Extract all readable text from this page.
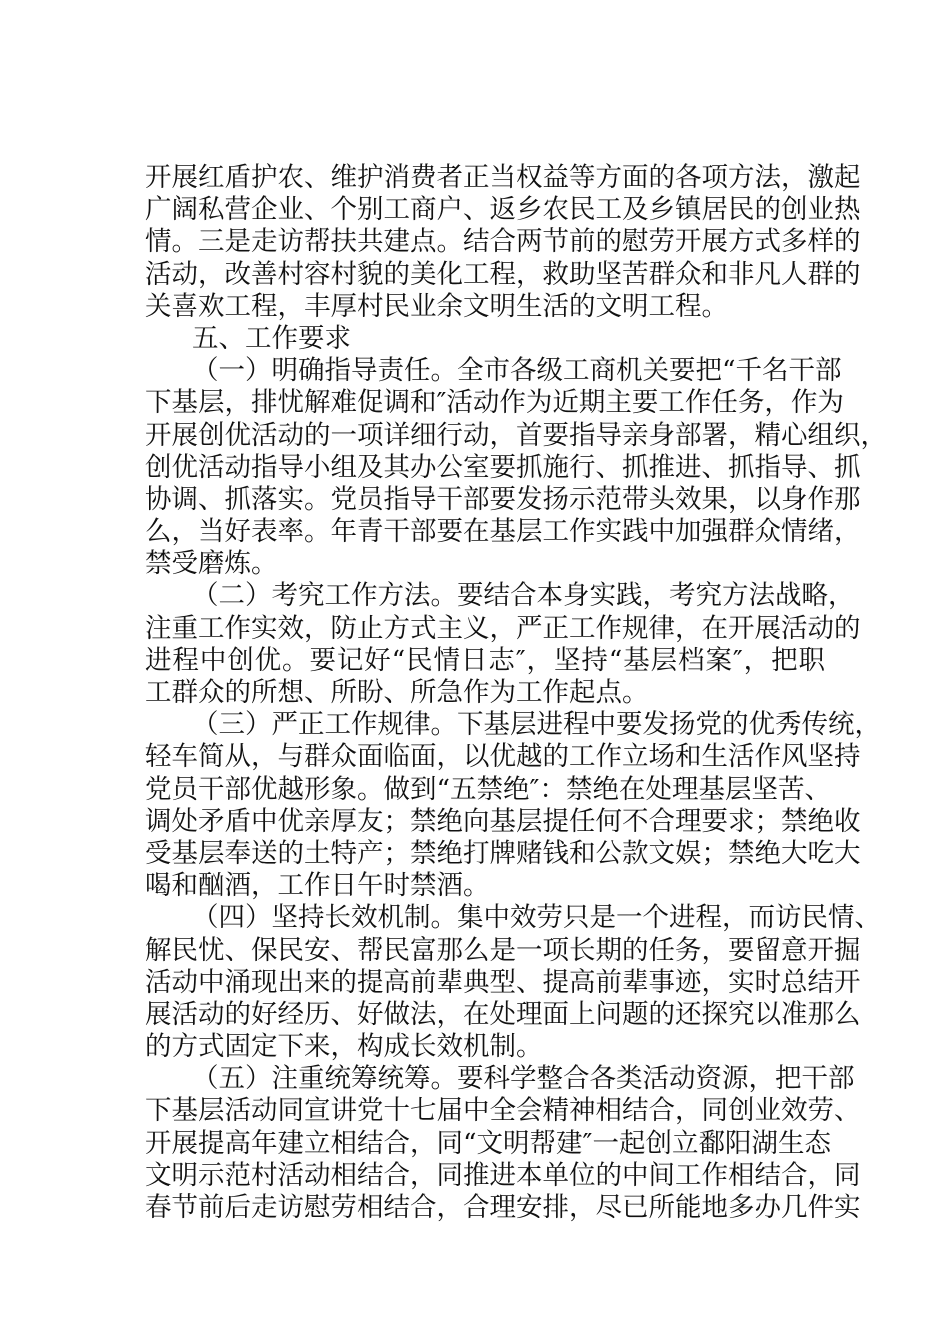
开展红盾护农、维护消费者正当权益等方面的各项方法，激起
广阔私营企业、个别工商户、返乡农民工及乡镇居民的创业热
情。三是走访帮扶共建点。结合两节前的慰劳开展方式多样的
活动，改善村容村貌的美化工程，救助坚苦群众和非凡人群的
关喜欢工程，丰厚村民业余文明生活的文明工程。
五、工作要求
（一）明确指导责任。全市各级工商机关要把“千名干部
下基层，排忧解难促调和″活动作为近期主要工作任务，作为
开展创优活动的一项详细行动，首要指导亲身部署，精心组织，
创优活动指导小组及其办公室要抓施行、抓推进、抓指导、抓
协调、抓落实。党员指导干部要发扬示范带头效果，以身作那
么，当好表率。年青干部要在基层工作实践中加强群众情绪，
禁受磨炼。
（二）考究工作方法。要结合本身实践，考究方法战略，
注重工作实效，防止方式主义，严正工作规律，在开展活动的
进程中创优。要记好“民情日志″，坚持“基层档案″，把职
工群众的所想、所盼、所急作为工作起点。
（三）严正工作规律。下基层进程中要发扬党的优秀传统，
轻车简从，与群众面临面，以优越的工作立场和生活作风坚持
党员干部优越形象。做到“五禁绝″：禁绝在处理基层坚苦、
调处矛盾中优亲厚友；禁绝向基层提任何不合理要求；禁绝收
受基层奉送的土特产；禁绝打牌赌钱和公款文娱；禁绝大吃大
喝和酗酒，工作日午时禁酒。
（四）坚持长效机制。集中效劳只是一个进程，而访民情、
解民忧、保民安、帮民富那么是一项长期的任务，要留意开掘
活动中涌现出来的提高前辈典型、提高前辈事迹，实时总结开
展活动的好经历、好做法，在处理面上问题的还探究以准那么
的方式固定下来，构成长效机制。
（五）注重统筹统筹。要科学整合各类活动资源，把干部
下基层活动同宣讲党十七届中全会精神相结合，同创业效劳、
开展提高年建立相结合，同“文明帮建″一起创立鄱阳湖生态
文明示范村活动相结合，同推进本单位的中间工作相结合，同
春节前后走访慰劳相结合，合理安排，尽已所能地多办几件实
